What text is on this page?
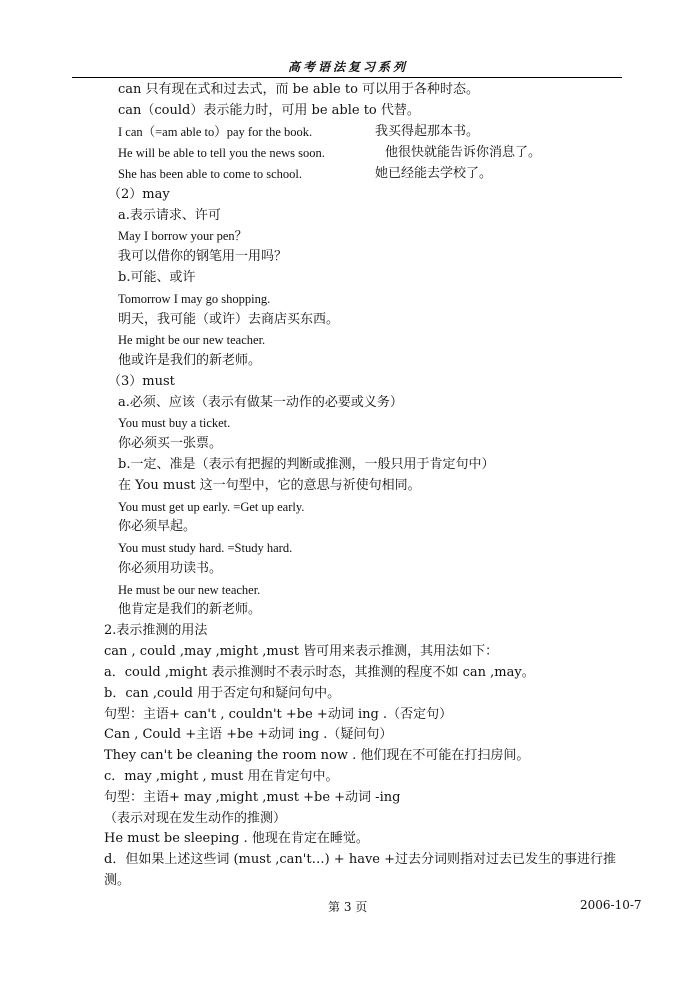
高考语法复习系列
can 只有现在式和过去式，而 be able to 可以用于各种时态。
can（could）表示能力时，可用 be able to 代替。
I can（=am able to）pay for the book.
He will be able to tell you the news soon.
She has been able to come to school.
（2）may
a.表示请求、许可
May I borrow your pen？
我可以借你的钢笔用一用吗？
b.可能、或许
Tomorrow I may go shopping.
明天，我可能（或许）去商店买东西。
He might be our new teacher.
他或许是我们的新老师。
（3）must
a.必须、应该（表示有做某一动作的必要或义务）
You must buy a ticket.
你必须买一张票。
b.一定、准是（表示有把握的判断或推测，一般只用于肯定句中）
在 You must 这一句型中，它的意思与祈使句相同。
You must get up early. =Get up early.
你必须早起。
You must study hard. =Study hard.
你必须用功读书。
He must be our new teacher.
他肯定是我们的新老师。
2.表示推测的用法
can , could ,may ,might ,must 皆可用来表示推测，其用法如下：
a．could ,might 表示推测时不表示时态，其推测的程度不如 can ,may。
b．can ,could 用于否定句和疑问句中。
句型：主语+ can't , couldn't +be +动词 ing .（否定句）
Can , Could +主语 +be +动词 ing .（疑问句）
They can't be cleaning the room now . 他们现在不可能在打扫房间。
c．may ,might , must 用在肯定句中。
句型：主语+ may ,might ,must +be +动词 -ing
（表示对现在发生动作的推测）
He must be sleeping . 他现在肯定在睡觉。
d．但如果上述这些词 (must ,can't…) + have +过去分词则指对过去已发生的事进行推
测。
我买得起那本书。
他很快就能告诉你消息了。
她已经能去学校了。
第 3 页	2006-10-7
